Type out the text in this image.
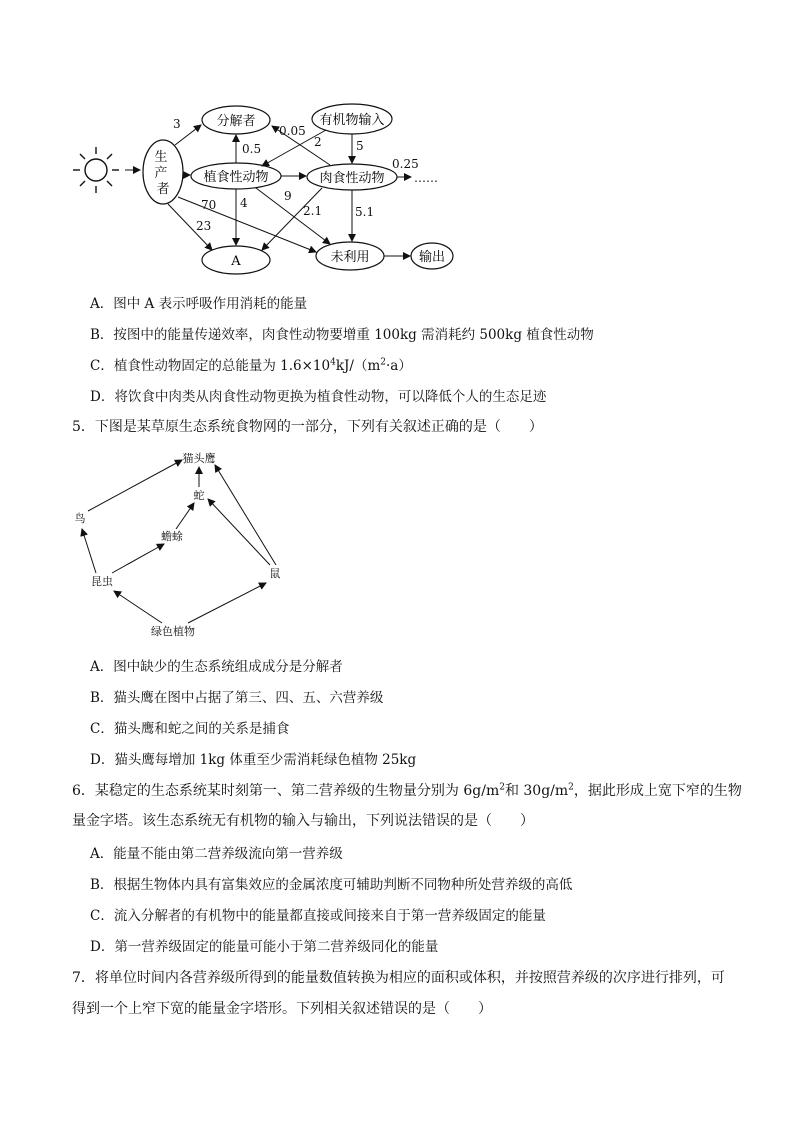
生 产 者
分解者	有机物输入
植食性动物	肉食性动物
A	未利用	输出
3	0.05
2	5
0.25
……
0.5
70
23
4	9
2.1	5.1
A．图中 A 表示呼吸作用消耗的能量
B．按图中的能量传递效率，肉食性动物要增重 100kg 需消耗约 500kg 植食性动物
C．植食性动物固定的总能量为 $1.6\times 10^4kJ/(m^2\cdot a)$
D．将饮食中肉类从肉食性动物更换为植食性动物，可以降低个人的生态足迹
5．下图是某草原生态系统食物网的一部分，下列有关叙述正确的是（　　）
猫头鹰
蛇
鸟
蟾蜍
昆虫
鼠
绿色植物
A．图中缺少的生态系统组成成分是分解者
B．猫头鹰在图中占据了第三、四、五、六营养级
C．猫头鹰和蛇之间的关系是捕食
D．猫头鹰每增加 1kg 体重至少需消耗绿色植物 25kg
6．某稳定的生态系统某时刻第一、第二营养级的生物量分别为 $6g/m^2$和 $30g/m^2$，据此形成上宽下窄的生物
量金字塔。该生态系统无有机物的输入与输出，下列说法错误的是（　　）
A．能量不能由第二营养级流向第一营养级
B．根据生物体内具有富集效应的金属浓度可辅助判断不同物种所处营养级的高低
C．流入分解者的有机物中的能量都直接或间接来自于第一营养级固定的能量
D．第一营养级固定的能量可能小于第二营养级同化的能量
7．将单位时间内各营养级所得到的能量数值转换为相应的面积或体积，并按照营养级的次序进行排列，可
得到一个上窄下宽的能量金字塔形。下列相关叙述错误的是（　　）
